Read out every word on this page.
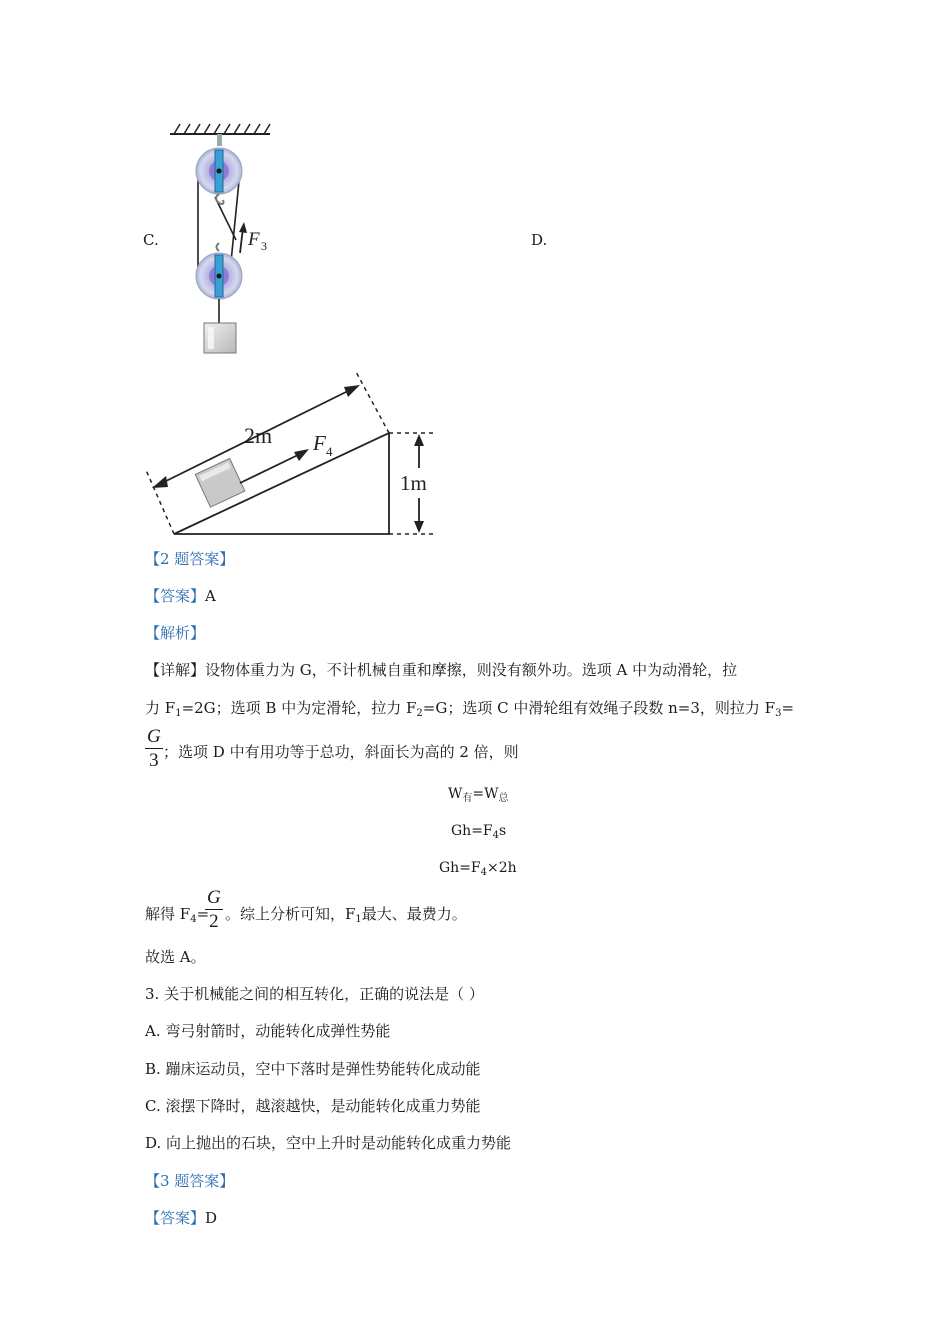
C.	D.
F 3
2m F 4
1m
【2 题答案】
【答案】A
【解析】
【详解】设物体重力为 G，不计机械自重和摩擦，则没有额外功。选项 A 中为动滑轮，拉
力 $F_1=2G$；选项 B 中为定滑轮，拉力 $F_2=G$；选项 C 中滑轮组有效绳子段数 n=3，则拉力 $F_3=$
$\frac{G}{3}$ ；选项 D 中有用功等于总功，斜面长为高的 2 倍，则
$W_有=W_总$
$Gh=F_4s$
$Gh=F_4\times 2h$
解得 $F_4=$
$\frac{G}{2}$ 。综上分析可知，$F_1$最大、最费力。
故选 A。
3. 关于机械能之间的相互转化，正确的说法是（ ）
A. 弯弓射箭时，动能转化成弹性势能
B. 蹦床运动员，空中下落时是弹性势能转化成动能
C. 滚摆下降时，越滚越快，是动能转化成重力势能
D. 向上抛出的石块，空中上升时是动能转化成重力势能
【3 题答案】
【答案】D
